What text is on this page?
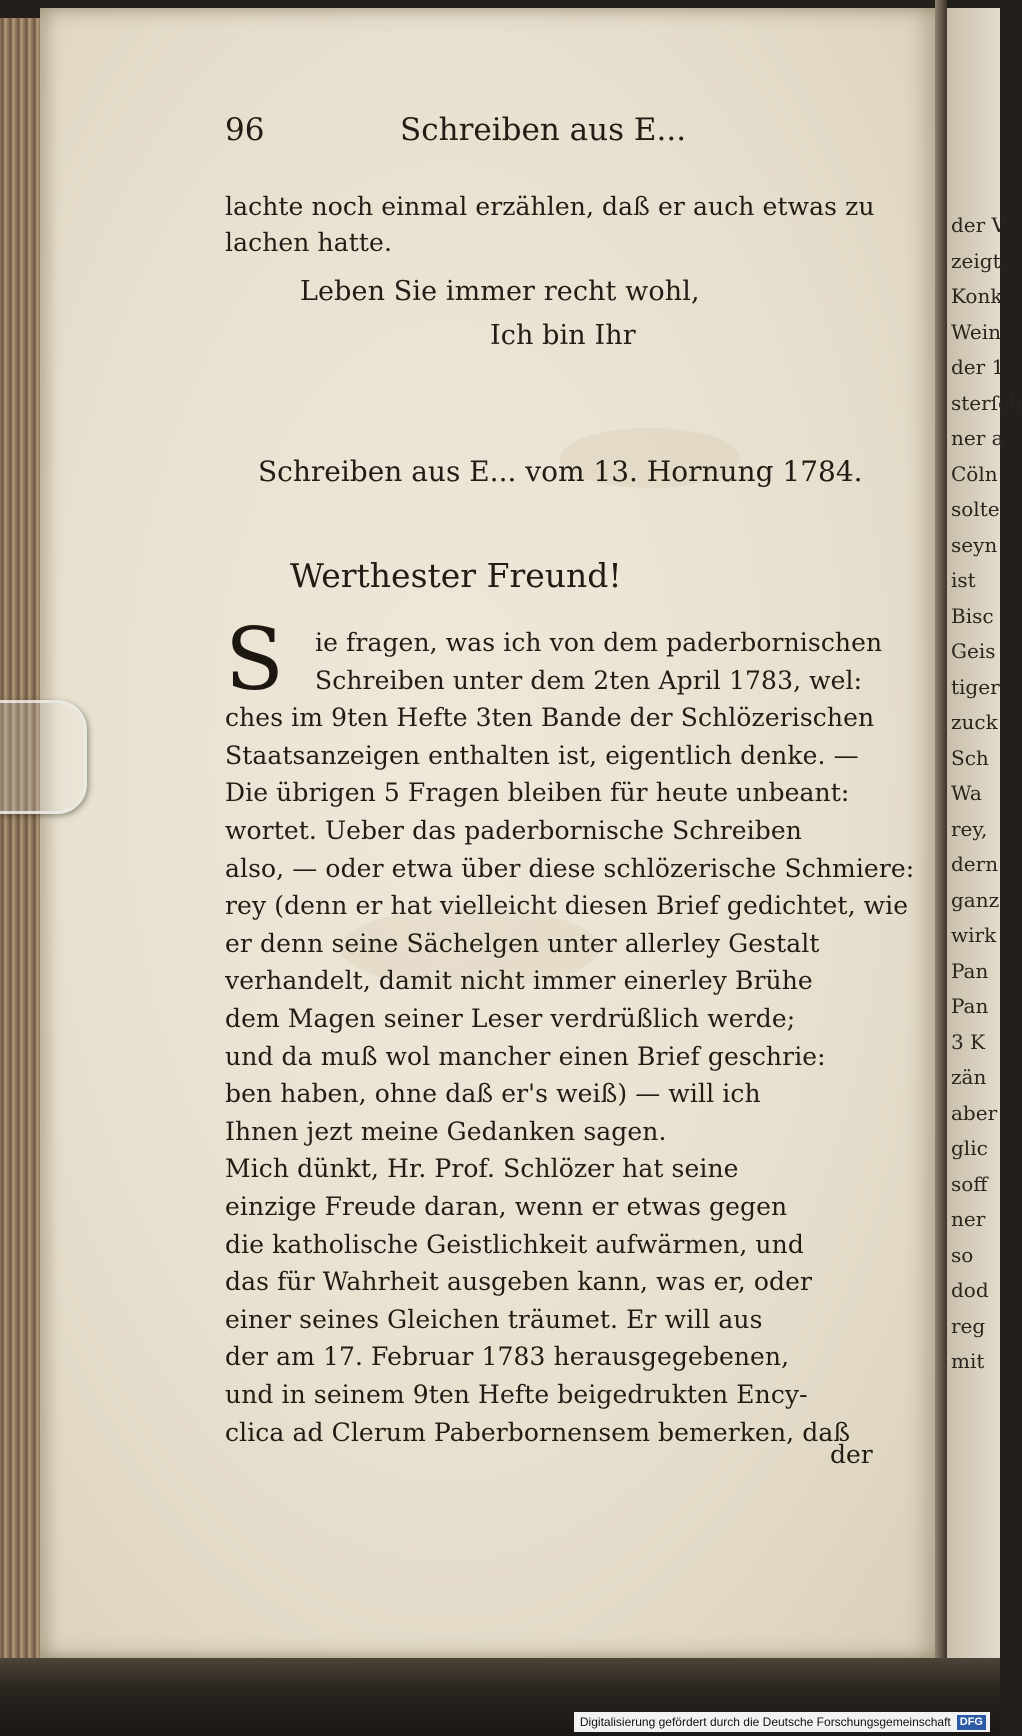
der V
zeigt,
Konk
Wein
der 1
sterſch
ner a
Cöln
solte
seyn
ist
Bisc
Geis
tiger
zuck
Sch
Wa
rey,
dern
ganz
wirk
Pan
Pan
3 K
zän
aber
glic
soff
ner
so
dod
reg
mit
96	Schreiben aus E...
lachte noch einmal erzählen, daß er auch etwas zu
lachen hatte.
Leben Sie immer recht wohl,
Ich bin Ihr
Schreiben aus E... vom 13. Hornung 1784.
Werthester Freund!
S ie fragen, was ich von dem paderbornischen
Schreiben unter dem 2ten April 1783, wel:
ches im 9ten Hefte 3ten Bande der Schlözerischen
Staatsanzeigen enthalten ist, eigentlich denke. —
Die übrigen 5 Fragen bleiben für heute unbeant:
wortet. Ueber das paderbornische Schreiben
also, — oder etwa über diese schlözerische Schmiere:
rey (denn er hat vielleicht diesen Brief gedichtet, wie
er denn seine Sächelgen unter allerley Gestalt
verhandelt, damit nicht immer einerley Brühe
dem Magen seiner Leser verdrüßlich werde;
und da muß wol mancher einen Brief geschrie:
ben haben, ohne daß er's weiß) — will ich
Ihnen jezt meine Gedanken sagen.
Mich dünkt, Hr. Prof. Schlözer hat seine
einzige Freude daran, wenn er etwas gegen
die katholische Geistlichkeit aufwärmen, und
das für Wahrheit ausgeben kann, was er, oder
einer seines Gleichen träumet. Er will aus
der am 17. Februar 1783 herausgegebenen,
und in seinem 9ten Hefte beigedrukten Ency-
clica ad Clerum Paberbornensem bemerken, daß
der
Digitalisierung gefördert durch die Deutsche Forschungsgemeinschaft DFG
